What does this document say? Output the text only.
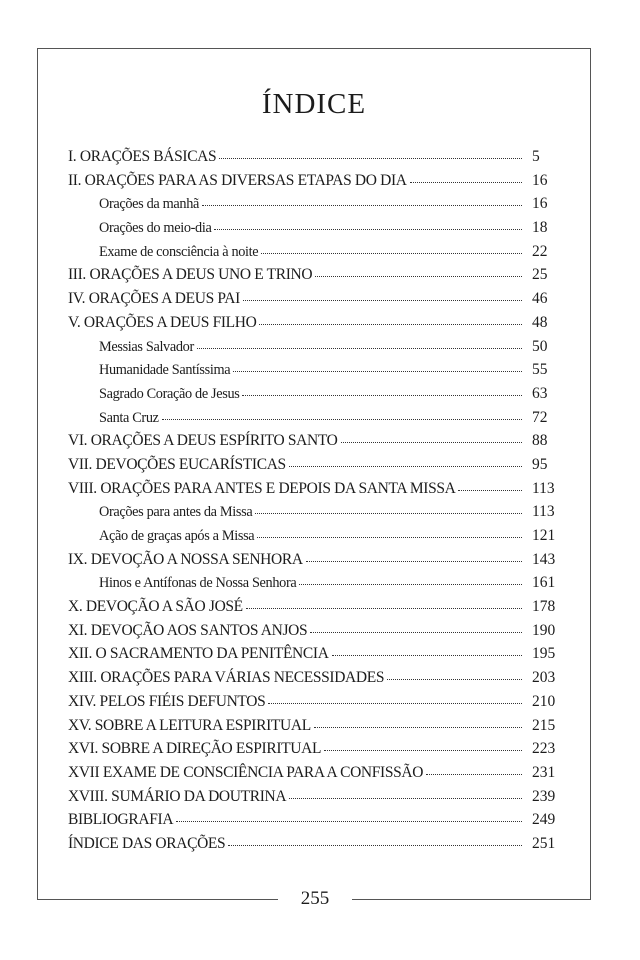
ÍNDICE
I. ORAÇÕES BÁSICAS	5
II. ORAÇÕES PARA AS DIVERSAS ETAPAS DO DIA	16
Orações da manhã	16
Orações do meio-dia	18
Exame de consciência à noite	22
III. ORAÇÕES A DEUS UNO E TRINO	25
IV. ORAÇÕES A DEUS PAI	46
V. ORAÇÕES A DEUS FILHO	48
Messias Salvador	50
Humanidade Santíssima	55
Sagrado Coração de Jesus	63
Santa Cruz	72
VI. ORAÇÕES A DEUS ESPÍRITO SANTO	88
VII. DEVOÇÕES EUCARÍSTICAS	95
VIII. ORAÇÕES PARA ANTES E DEPOIS DA SANTA MISSA	113
Orações para antes da Missa	113
Ação de graças após a Missa	121
IX. DEVOÇÃO A NOSSA SENHORA	143
Hinos e Antífonas de Nossa Senhora	161
X. DEVOÇÃO A SÃO JOSÉ	178
XI. DEVOÇÃO AOS SANTOS ANJOS	190
XII. O SACRAMENTO DA PENITÊNCIA	195
XIII. ORAÇÕES PARA VÁRIAS NECESSIDADES	203
XIV. PELOS FIÉIS DEFUNTOS	210
XV. SOBRE A LEITURA ESPIRITUAL	215
XVI. SOBRE A DIREÇÃO ESPIRITUAL	223
XVII EXAME DE CONSCIÊNCIA PARA A CONFISSÃO	231
XVIII. SUMÁRIO DA DOUTRINA	239
BIBLIOGRAFIA	249
ÍNDICE DAS ORAÇÕES	251
255
